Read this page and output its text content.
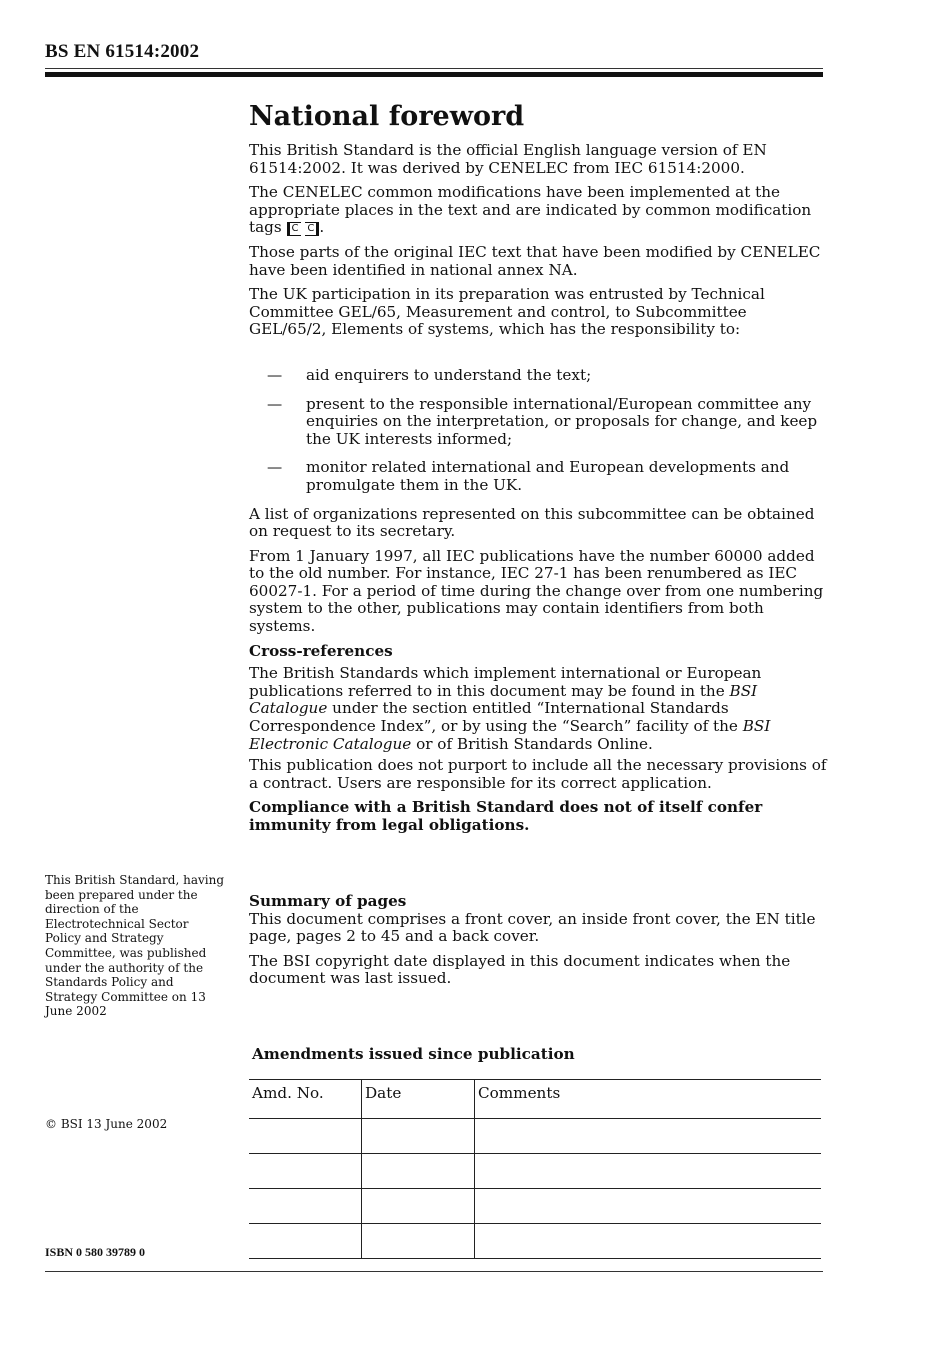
BS EN 61514:2002
National foreword

This British Standard is the official English language version of EN 61514:2002. It was derived by CENELEC from IEC 61514:2000.

The CENELEC common modifications have been implemented at the appropriate places in the text and are indicated by common modification tags C C .

Those parts of the original IEC text that have been modified by CENELEC have been identified in national annex NA.

The UK participation in its preparation was entrusted by Technical Committee GEL/65, Measurement and control, to Subcommittee GEL/65/2, Elements of systems, which has the responsibility to:

— aid enquirers to understand the text;
— present to the responsible international/European committee any enquiries on the interpretation, or proposals for change, and keep the UK interests informed;
— monitor related international and European developments and promulgate them in the UK.

A list of organizations represented on this subcommittee can be obtained on request to its secretary.

From 1 January 1997, all IEC publications have the number 60000 added to the old number. For instance, IEC 27-1 has been renumbered as IEC 60027-1. For a period of time during the change over from one numbering system to the other, publications may contain identifiers from both systems.

Cross-references

The British Standards which implement international or European publications referred to in this document may be found in the BSI Catalogue under the section entitled “International Standards Correspondence Index”, or by using the “Search” facility of the BSI Electronic Catalogue or of British Standards Online.

This publication does not purport to include all the necessary provisions of a contract. Users are responsible for its correct application.

Compliance with a British Standard does not of itself confer immunity from legal obligations.

This British Standard, having been prepared under the direction of the Electrotechnical Sector Policy and Strategy Committee, was published under the authority of the Standards Policy and Strategy Committee on 13 June 2002

Summary of pages

This document comprises a front cover, an inside front cover, the EN title page, pages 2 to 45 and a back cover.

The BSI copyright date displayed in this document indicates when the document was last issued.

Amendments issued since publication
Amd. No.	Date	Comments

© BSI 13 June 2002
ISBN 0 580 39789 0
